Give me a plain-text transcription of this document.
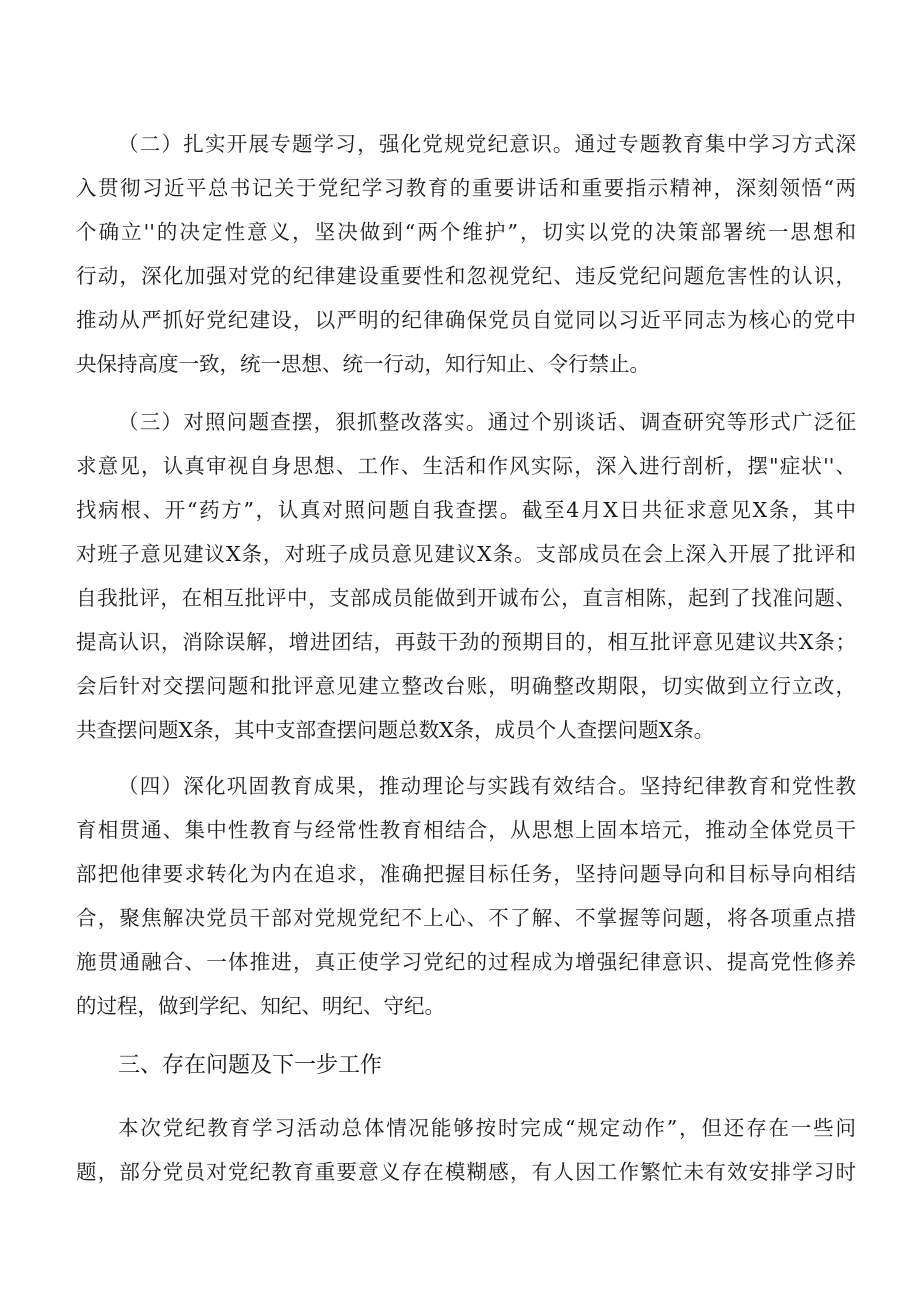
（二）扎实开展专题学习，强化党规党纪意识。通过专题教育集中学习方式深
入贯彻习近平总书记关于党纪学习教育的重要讲话和重要指示精神，深刻领悟“两
个确立''的决定性意义，坚决做到“两个维护”，切实以党的决策部署统一思想和
行动，深化加强对党的纪律建设重要性和忽视党纪、违反党纪问题危害性的认识，
推动从严抓好党纪建设，以严明的纪律确保党员自觉同以习近平同志为核心的党中
央保持高度一致，统一思想、统一行动，知行知止、令行禁止。
（三）对照问题查摆，狠抓整改落实。通过个别谈话、调查研究等形式广泛征
求意见，认真审视自身思想、工作、生活和作风实际，深入进行剖析，摆"症状''、
找病根、开“药方”，认真对照问题自我查摆。截至4月X日共征求意见X条，其中
对班子意见建议X条，对班子成员意见建议X条。支部成员在会上深入开展了批评和
自我批评，在相互批评中，支部成员能做到开诚布公，直言相陈，起到了找准问题、
提高认识，消除误解，增进团结，再鼓干劲的预期目的，相互批评意见建议共X条；
会后针对交摆问题和批评意见建立整改台账，明确整改期限，切实做到立行立改，
共查摆问题X条，其中支部查摆问题总数X条，成员个人查摆问题X条。
（四）深化巩固教育成果，推动理论与实践有效结合。坚持纪律教育和党性教
育相贯通、集中性教育与经常性教育相结合，从思想上固本培元，推动全体党员干
部把他律要求转化为内在追求，准确把握目标任务，坚持问题导向和目标导向相结
合，聚焦解决党员干部对党规党纪不上心、不了解、不掌握等问题，将各项重点措
施贯通融合、一体推进，真正使学习党纪的过程成为增强纪律意识、提高党性修养
的过程，做到学纪、知纪、明纪、守纪。
三、存在问题及下一步工作
本次党纪教育学习活动总体情况能够按时完成“规定动作”，但还存在一些问
题，部分党员对党纪教育重要意义存在模糊感，有人因工作繁忙未有效安排学习时
